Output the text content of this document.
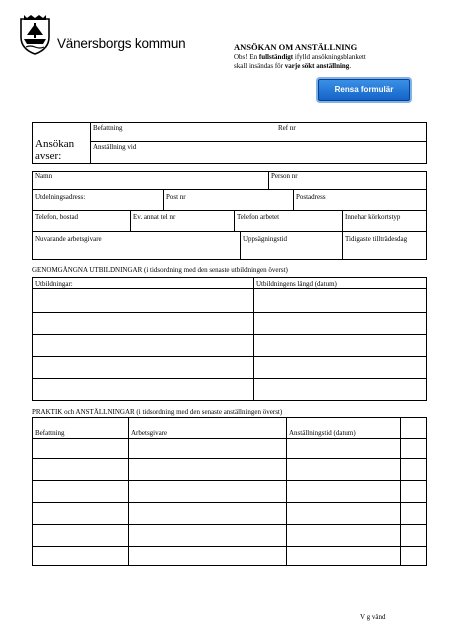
Vänersborgs kommun	ANSÖKAN OM ANSTÄLLNING
Obs! En fullständigt ifylld ansökningsblankett
skall insändas för varje sökt anställning.
Rensa formulär
Ansökan avser:
Befattning	Ref nr
Anställning vid
Namn	Person nr
Utdelningsadress:	Post nr	Postadress
Telefon, bostad	Ev. annat tel nr	Telefon arbetet	Innehar körkortstyp
Nuvarande arbetsgivare	Uppsägningstid	Tidigaste tillträdesdag
GENOMGÅNGNA UTBILDNINGAR (i tidsordning med den senaste utbildningen överst)
Utbildningar:	Utbildningens längd (datum)
PRAKTIK och ANSTÄLLNINGAR (i tidsordning med den senaste anställningen överst)
Befattning	Arbetsgivare	Anställningstid (datum)
V g vänd
